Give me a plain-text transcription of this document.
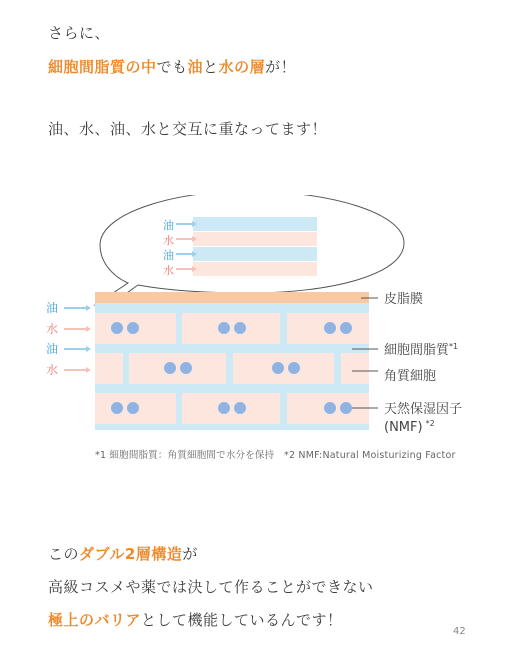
さらに、
細胞間脂質の中でも油と水の層が！
油、水、油、水と交互に重なってます！
油
水
油
水
油
水
油
水
皮脂膜
細胞間脂質$^{*1}$
角質細胞
天然保湿因子
(NMF) $^{*2}$
*1 細胞間脂質：角質細胞間で水分を保持　*2 NMF:Natural Moisturizing Factor
このダブル2層構造が
高級コスメや薬では決して作ることができない
極上のバリアとして機能しているんです！
42
